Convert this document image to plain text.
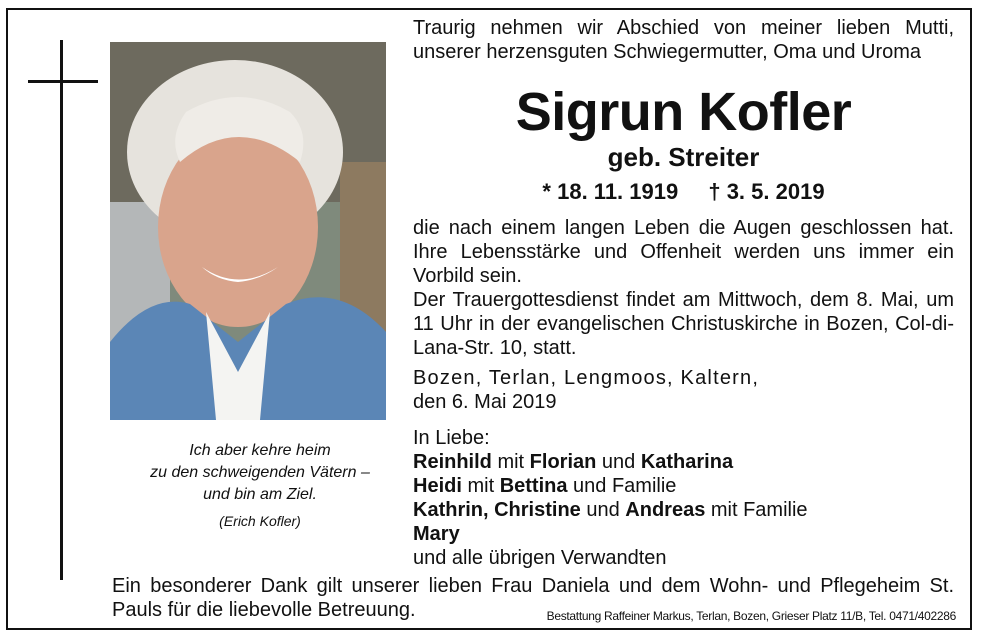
Ich aber kehre heim
zu den schweigenden Vätern –
und bin am Ziel.
(Erich Kofler)
Traurig nehmen wir Abschied von meiner lieben Mutti, unserer herzensguten Schwiegermutter, Oma und Uroma
Sigrun Kofler
geb. Streiter
* 18. 11. 1919 † 3. 5. 2019
die nach einem langen Leben die Augen geschlossen hat. Ihre Lebensstärke und Offenheit werden uns immer ein Vorbild sein.
Der Trauergottesdienst findet am Mittwoch, dem 8. Mai, um 11 Uhr in der evangelischen Christuskirche in Bozen, Col-di-Lana-Str. 10, statt.
Bozen, Terlan, Lengmoos, Kaltern,
den 6. Mai 2019
In Liebe:
Reinhild mit Florian und Katharina
Heidi mit Bettina und Familie
Kathrin, Christine und Andreas mit Familie
Mary
und alle übrigen Verwandten
Ein besonderer Dank gilt unserer lieben Frau Daniela und dem Wohn- und Pflegeheim St. Pauls für die liebevolle Betreuung.	Bestattung Raffeiner Markus, Terlan, Bozen, Grieser Platz 11/B, Tel. 0471/402286
